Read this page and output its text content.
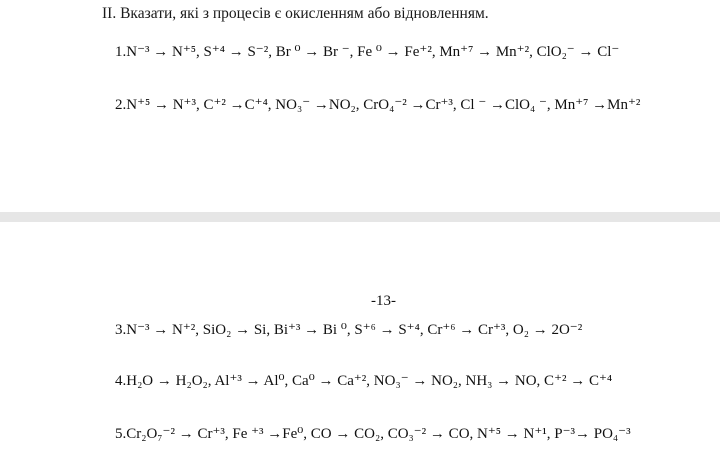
II. Вказати, які з процесів є окисленням або відновленням.
1.N⁻³ → N⁺⁵, S⁺⁴ → S⁻², Br ⁰ → Br ⁻, Fe ⁰ → Fe⁺², Mn⁺⁷ → Mn⁺², ClO₂⁻ → Cl⁻
2.N⁺⁵ → N⁺³, C⁺² →C⁺⁴, NO₃⁻ →NO₂, CrO₄⁻² →Cr⁺³, Cl ⁻ →ClO₄ ⁻, Mn⁺⁷ →Mn⁺²
-13-
3.N⁻³ → N⁺², SiO₂ → Si, Bi⁺³ → Bi ⁰, S⁺⁶ → S⁺⁴, Cr⁺⁶ → Cr⁺³, O₂ → 2O⁻²
4.H₂O → H₂O₂, Al⁺³ → Al⁰, Ca⁰ → Ca⁺², NO₃⁻ → NO₂, NH₃ → NO, C⁺² → C⁺⁴
5.Cr₂O₇⁻² → Cr⁺³, Fe ⁺³ →Fe⁰, CO → CO₂, CO₃⁻² → CO, N⁺⁵ → N⁺¹, P⁻³→ PO₄⁻³
